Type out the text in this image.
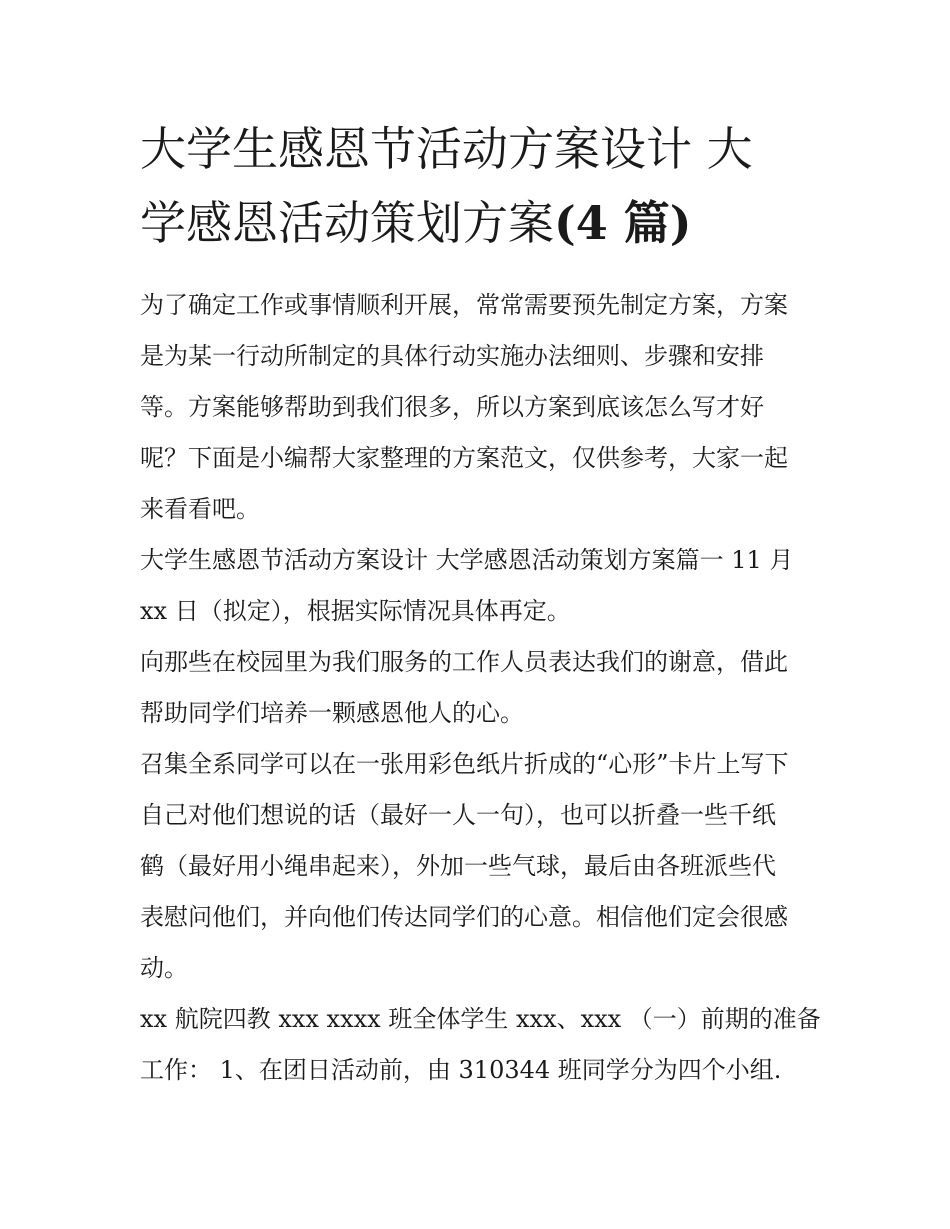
大学生感恩节活动方案设计 大
学感恩活动策划方案(4 篇)
为了确定工作或事情顺利开展，常常需要预先制定方案，方案
是为某一行动所制定的具体行动实施办法细则、步骤和安排
等。方案能够帮助到我们很多，所以方案到底该怎么写才好
呢？下面是小编帮大家整理的方案范文，仅供参考，大家一起
来看看吧。
大学生感恩节活动方案设计 大学感恩活动策划方案篇一 11 月
xx 日（拟定），根据实际情况具体再定。
向那些在校园里为我们服务的工作人员表达我们的谢意，借此
帮助同学们培养一颗感恩他人的心。
召集全系同学可以在一张用彩色纸片折成的“心形”卡片上写下
自己对他们想说的话（最好一人一句），也可以折叠一些千纸
鹤（最好用小绳串起来），外加一些气球，最后由各班派些代
表慰问他们，并向他们传达同学们的心意。相信他们定会很感
动。
xx 航院四教 xxx xxxx 班全体学生 xxx、xxx （一）前期的准备
工作： 1、在团日活动前，由 310344 班同学分为四个小组.
